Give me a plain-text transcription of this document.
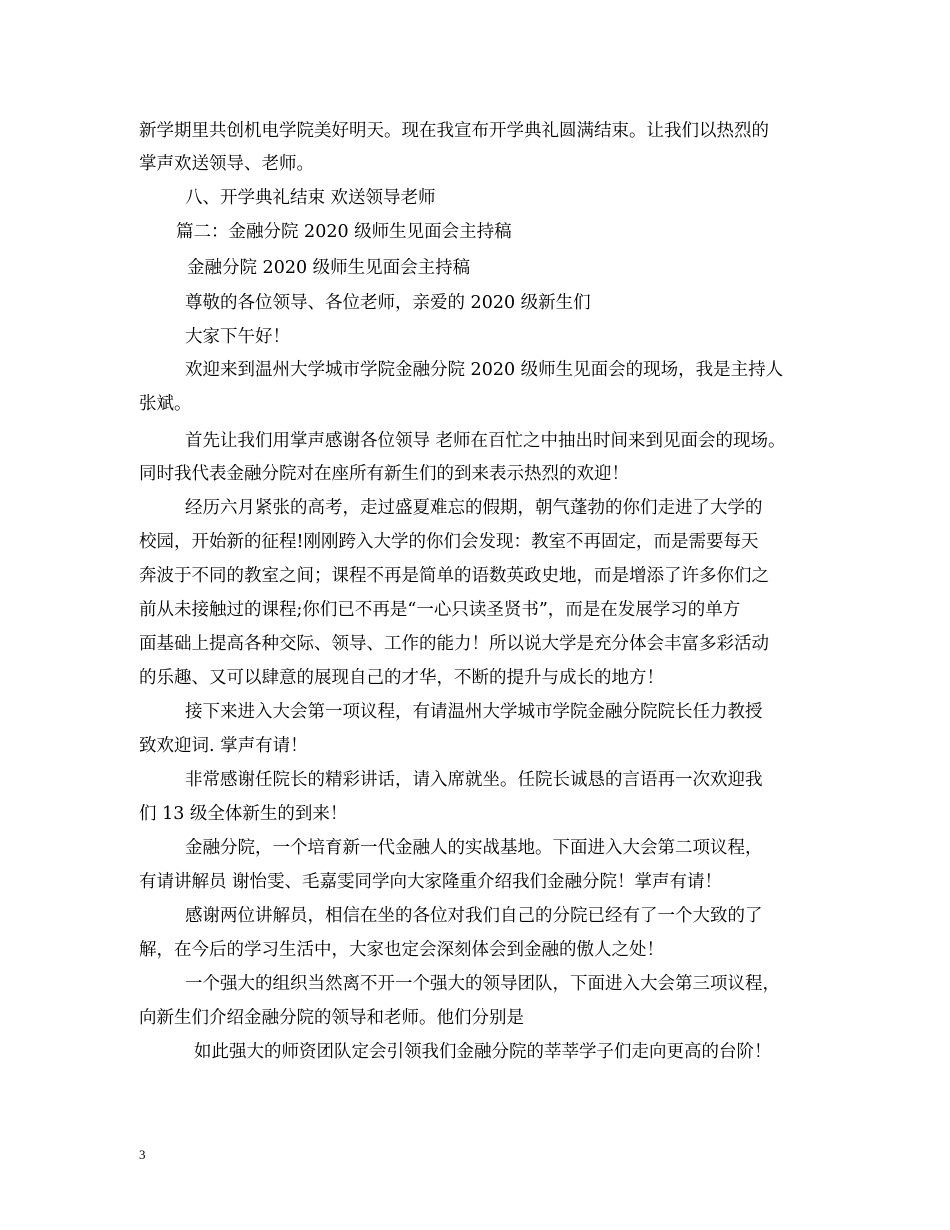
新学期里共创机电学院美好明天。现在我宣布开学典礼圆满结束。让我们以热烈的
掌声欢送领导、老师。
八、开学典礼结束 欢送领导老师
篇二：金融分院 2020 级师生见面会主持稿
金融分院 2020 级师生见面会主持稿
尊敬的各位领导、各位老师，亲爱的 2020 级新生们
大家下午好！
欢迎来到温州大学城市学院金融分院 2020 级师生见面会的现场，我是主持人
张斌。
首先让我们用掌声感谢各位领导 老师在百忙之中抽出时间来到见面会的现场。
同时我代表金融分院对在座所有新生们的到来表示热烈的欢迎！
经历六月紧张的高考，走过盛夏难忘的假期，朝气蓬勃的你们走进了大学的
校园，开始新的征程!刚刚跨入大学的你们会发现：教室不再固定，而是需要每天
奔波于不同的教室之间；课程不再是简单的语数英政史地，而是增添了许多你们之
前从未接触过的课程;你们已不再是“一心只读圣贤书”，而是在发展学习的单方
面基础上提高各种交际、领导、工作的能力！所以说大学是充分体会丰富多彩活动
的乐趣、又可以肆意的展现自己的才华，不断的提升与成长的地方！
接下来进入大会第一项议程，有请温州大学城市学院金融分院院长任力教授
致欢迎词. 掌声有请！
非常感谢任院长的精彩讲话，请入席就坐。任院长诚恳的言语再一次欢迎我
们 13 级全体新生的到来！
金融分院，一个培育新一代金融人的实战基地。下面进入大会第二项议程，
有请讲解员 谢怡雯、毛嘉雯同学向大家隆重介绍我们金融分院！掌声有请！
感谢两位讲解员，相信在坐的各位对我们自己的分院已经有了一个大致的了
解，在今后的学习生活中，大家也定会深刻体会到金融的傲人之处！
一个强大的组织当然离不开一个强大的领导团队，下面进入大会第三项议程，
向新生们介绍金融分院的领导和老师。他们分别是
如此强大的师资团队定会引领我们金融分院的莘莘学子们走向更高的台阶！
3
